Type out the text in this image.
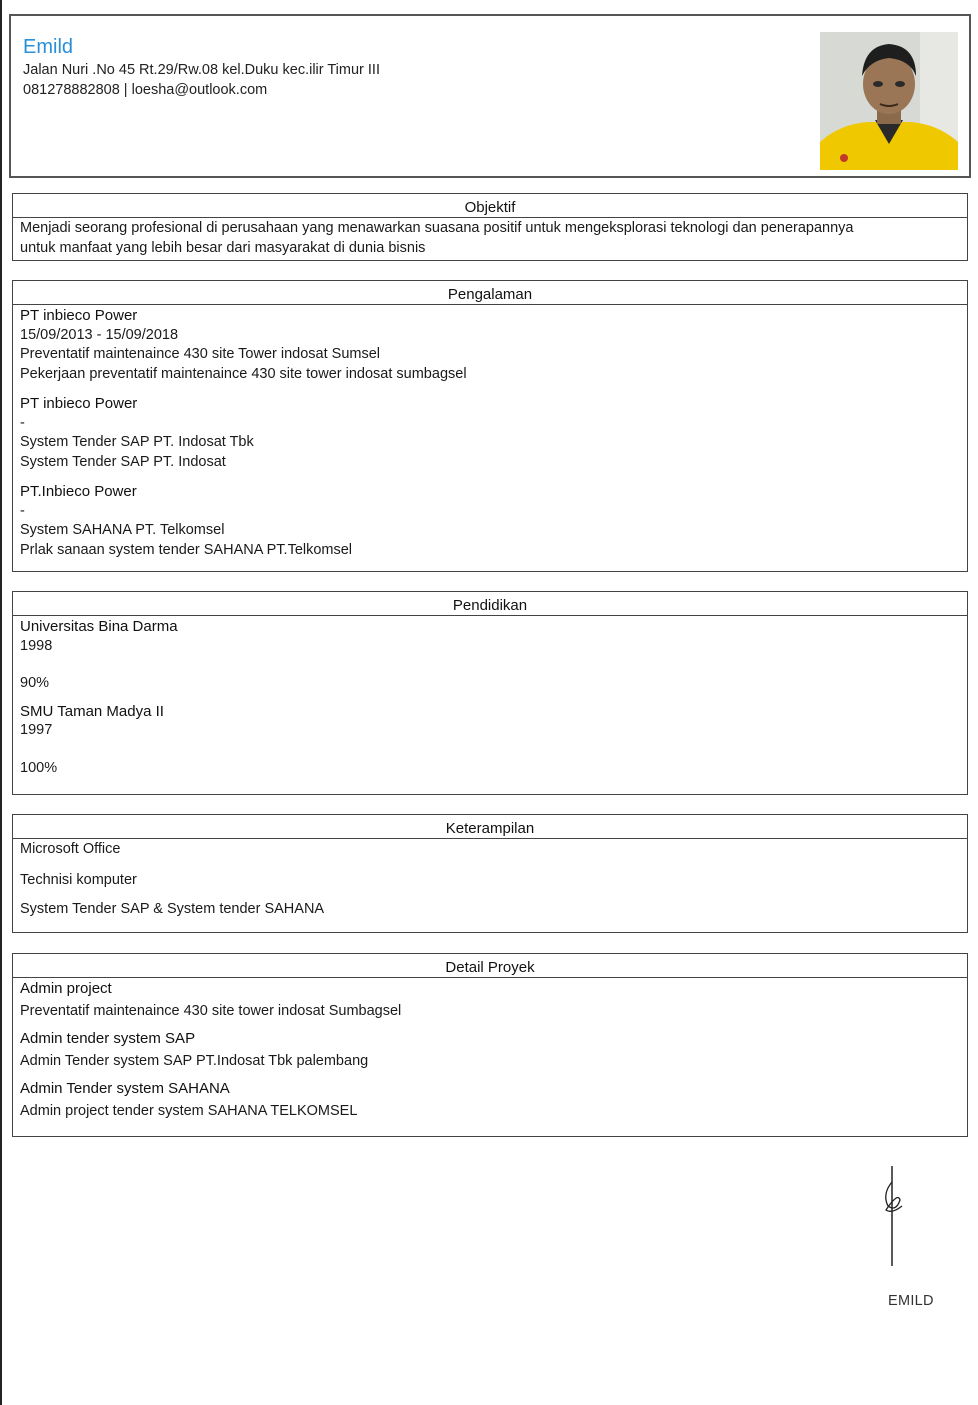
Emild
Jalan Nuri .No 45 Rt.29/Rw.08 kel.Duku kec.ilir Timur III
081278882808 | loesha@outlook.com
Objektif
Menjadi seorang profesional di perusahaan yang menawarkan suasana positif untuk mengeksplorasi teknologi dan penerapannya
untuk manfaat yang lebih besar dari masyarakat di dunia bisnis
Pengalaman
PT inbieco Power
15/09/2013 - 15/09/2018
Preventatif maintenaince 430 site Tower indosat Sumsel
Pekerjaan preventatif maintenaince 430 site tower indosat sumbagsel
PT inbieco Power
-
System Tender SAP PT. Indosat Tbk
System Tender SAP PT. Indosat
PT.Inbieco Power
-
System SAHANA PT. Telkomsel
Prlak sanaan system tender SAHANA PT.Telkomsel
Pendidikan
Universitas Bina Darma
1998
90%
SMU Taman Madya II
1997
100%
Keterampilan
Microsoft Office
Technisi komputer
System Tender SAP & System tender SAHANA
Detail Proyek
Admin project
Preventatif maintenaince 430 site tower indosat Sumbagsel
Admin tender system SAP
Admin Tender system SAP PT.Indosat Tbk palembang
Admin Tender system SAHANA
Admin project tender system SAHANA TELKOMSEL
EMILD
